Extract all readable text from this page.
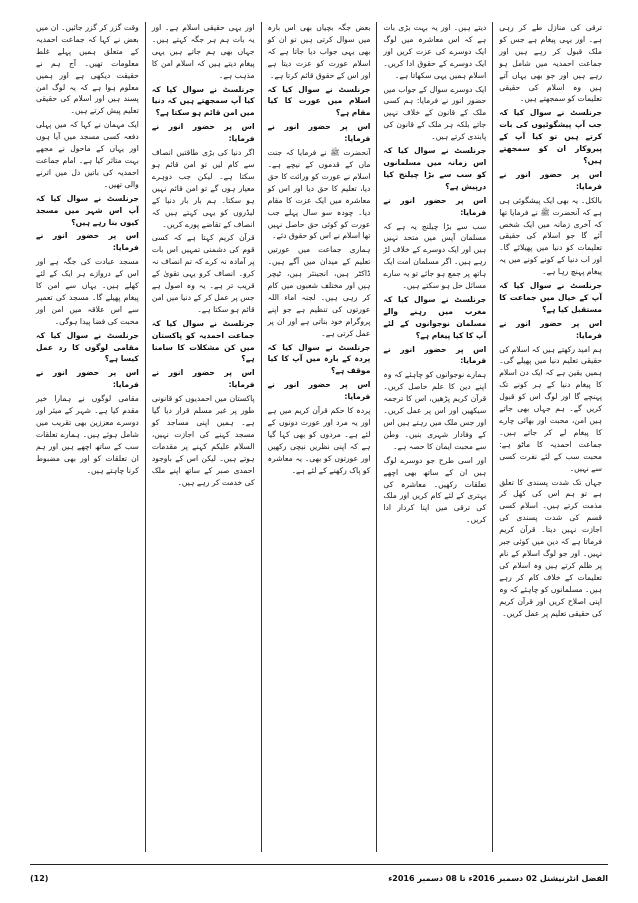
ترقی کی منازل طے کر رہی ہے۔ اور یہی پیغام ہے جس کو ملک قبول کر رہے ہیں اور جماعت احمدیہ میں شامل ہو رہے ہیں اور جو بھی یہاں آتے ہیں وہ اسلام کی حقیقی تعلیمات کو سمجھتے ہیں۔

جرنلسٹ نے سوال کیا کہ جب آپ پیشگوئیوں کی بات کرتے ہیں تو کیا آپ کے پیروکار ان کو سمجھتے ہیں؟

اس پر حضور انور نے فرمایا:

بالکل۔ یہ بھی ایک پیشگوئی ہی ہے کہ آنحضرت ﷺ نے فرمایا تھا کہ آخری زمانہ میں ایک شخص آئے گا جو اسلام کی حقیقی تعلیمات کو دنیا میں پھیلائے گا۔ اور اب دنیا کے کونے کونے میں یہ پیغام پہنچ رہا ہے۔

جرنلسٹ نے سوال کیا کہ آپ کے خیال میں جماعت کا مستقبل کیا ہے؟

اس پر حضور انور نے فرمایا:

ہم امید رکھتے ہیں کہ اسلام کی حقیقی تعلیم دنیا میں پھیلے گی۔ ہمیں یقین ہے کہ ایک دن اسلام کا پیغام دنیا کے ہر کونے تک پہنچے گا اور لوگ اس کو قبول کریں گے۔ ہم جہاں بھی جاتے ہیں امن، محبت اور بھائی چارے کا پیغام لے کر جاتے ہیں۔ جماعت احمدیہ کا ماٹو ہے: محبت سب کے لئے نفرت کسی سے نہیں۔

جہاں تک شدت پسندی کا تعلق ہے تو ہم اس کی کھل کر مذمت کرتے ہیں۔ اسلام کسی قسم کی شدت پسندی کی اجازت نہیں دیتا۔ قرآن کریم فرماتا ہے کہ دین میں کوئی جبر نہیں۔ اور جو لوگ اسلام کے نام پر ظلم کرتے ہیں وہ اسلام کی تعلیمات کے خلاف کام کر رہے ہیں۔ مسلمانوں کو چاہئے کہ وہ اپنی اصلاح کریں اور قرآن کریم کی حقیقی تعلیم پر عمل کریں۔

دیتے ہیں۔ اور یہ بہت بڑی بات ہے کہ اس معاشرہ میں لوگ ایک دوسرے کی عزت کریں اور ایک دوسرے کے حقوق ادا کریں۔ اسلام ہمیں یہی سکھاتا ہے۔

ایک دوسرے سوال کے جواب میں حضور انور نے فرمایا: ہم کسی ملک کے قانون کے خلاف نہیں جاتے بلکہ ہر ملک کے قانون کی پابندی کرتے ہیں۔

جرنلسٹ نے سوال کیا کہ اس زمانہ میں مسلمانوں کو سب سے بڑا چیلنج کیا درپیش ہے؟

اس پر حضور انور نے فرمایا:

سب سے بڑا چیلنج یہ ہے کہ مسلمان آپس میں متحد نہیں ہیں اور ایک دوسرے کے خلاف لڑ رہے ہیں۔ اگر مسلمان امت ایک ہاتھ پر جمع ہو جائے تو یہ سارے مسائل حل ہو سکتے ہیں۔

جرنلسٹ نے سوال کیا کہ مغرب میں رہنے والے مسلمان نوجوانوں کے لئے آپ کا کیا پیغام ہے؟

اس پر حضور انور نے فرمایا:

ہمارے نوجوانوں کو چاہئے کہ وہ اپنے دین کا علم حاصل کریں۔ قرآن کریم پڑھیں، اس کا ترجمہ سیکھیں اور اس پر عمل کریں۔ اور جس ملک میں رہتے ہیں اس کے وفادار شہری بنیں۔ وطن سے محبت ایمان کا حصہ ہے۔

اور اسی طرح جو دوسرے لوگ ہیں ان کے ساتھ بھی اچھے تعلقات رکھیں۔ معاشرہ کی بہتری کے لئے کام کریں اور ملک کی ترقی میں اپنا کردار ادا کریں۔

بعض جگہ بچیاں بھی اس بارہ میں سوال کرتی ہیں تو ان کو بھی یہی جواب دیا جاتا ہے کہ اسلام عورت کو عزت دیتا ہے اور اس کے حقوق قائم کرتا ہے۔

جرنلسٹ نے سوال کیا کہ اسلام میں عورت کا کیا مقام ہے؟

اس پر حضور انور نے فرمایا:

آنحضرت ﷺ نے فرمایا کہ جنت ماں کے قدموں کے نیچے ہے۔ اسلام نے عورت کو وراثت کا حق دیا، تعلیم کا حق دیا اور اس کو معاشرہ میں ایک عزت کا مقام دیا۔ چودہ سو سال پہلے جب عورت کو کوئی حق حاصل نہیں تھا اسلام نے اس کو حقوق دئے۔

ہماری جماعت میں عورتیں تعلیم کے میدان میں آگے ہیں۔ ڈاکٹر ہیں، انجینئر ہیں، ٹیچر ہیں اور مختلف شعبوں میں کام کر رہی ہیں۔ لجنہ اماء اللہ عورتوں کی تنظیم ہے جو اپنے پروگرام خود بناتی ہے اور ان پر عمل کرتی ہے۔

جرنلسٹ نے سوال کیا کہ پردہ کے بارہ میں آپ کا کیا موقف ہے؟

اس پر حضور انور نے فرمایا:

پردہ کا حکم قرآن کریم میں ہے اور یہ مرد اور عورت دونوں کے لئے ہے۔ مردوں کو بھی کہا گیا ہے کہ اپنی نظریں نیچی رکھیں اور عورتوں کو بھی۔ یہ معاشرہ کو پاک رکھنے کے لئے ہے۔

اور یہی حقیقی اسلام ہے۔ اور یہ بات ہم ہر جگہ کہتے ہیں۔ جہاں بھی ہم جاتے ہیں یہی پیغام دیتے ہیں کہ اسلام امن کا مذہب ہے۔

جرنلسٹ نے سوال کیا کہ کیا آپ سمجھتے ہیں کہ دنیا میں امن قائم ہو سکتا ہے؟

اس پر حضور انور نے فرمایا:

اگر دنیا کی بڑی طاقتیں انصاف سے کام لیں تو امن قائم ہو سکتا ہے۔ لیکن جب دوہرے معیار ہوں گے تو امن قائم نہیں ہو سکتا۔ ہم بار بار دنیا کے لیڈروں کو یہی کہتے ہیں کہ انصاف کے تقاضے پورے کریں۔

قرآن کریم کہتا ہے کہ کسی قوم کی دشمنی تمہیں اس بات پر آمادہ نہ کرے کہ تم انصاف نہ کرو۔ انصاف کرو یہی تقویٰ کے قریب تر ہے۔ یہ وہ اصول ہے جس پر عمل کر کے دنیا میں امن قائم ہو سکتا ہے۔

جرنلسٹ نے سوال کیا کہ جماعت احمدیہ کو پاکستان میں کن مشکلات کا سامنا ہے؟

اس پر حضور انور نے فرمایا:

پاکستان میں احمدیوں کو قانونی طور پر غیر مسلم قرار دیا گیا ہے۔ ہمیں اپنی مساجد کو مسجد کہنے کی اجازت نہیں، السلام علیکم کہنے پر مقدمات ہوتے ہیں۔ لیکن اس کے باوجود احمدی صبر کے ساتھ اپنے ملک کی خدمت کر رہے ہیں۔

وقت گزر کر گزر جائیں۔ ان میں بعض نے کہا کہ جماعت احمدیہ کے متعلق ہمیں پہلے غلط معلومات تھیں۔ آج ہم نے حقیقت دیکھی ہے اور ہمیں معلوم ہوا ہے کہ یہ لوگ امن پسند ہیں اور اسلام کی حقیقی تعلیم پیش کرتے ہیں۔

ایک مہمان نے کہا کہ میں پہلی دفعہ کسی مسجد میں آیا ہوں اور یہاں کے ماحول نے مجھے بہت متاثر کیا ہے۔ امام جماعت احمدیہ کی باتیں دل میں اترنے والی تھیں۔

جرنلسٹ نے سوال کیا کہ آپ اس شہر میں مسجد کیوں بنا رہے ہیں؟

اس پر حضور انور نے فرمایا:

مسجد عبادت کی جگہ ہے اور اس کے دروازے ہر ایک کے لئے کھلے ہیں۔ یہاں سے امن کا پیغام پھیلے گا۔ مسجد کی تعمیر سے اس علاقہ میں امن اور محبت کی فضا پیدا ہوگی۔

جرنلسٹ نے سوال کیا کہ مقامی لوگوں کا رد عمل کیسا ہے؟

اس پر حضور انور نے فرمایا:

مقامی لوگوں نے ہمارا خیر مقدم کیا ہے۔ شہر کے میئر اور دوسرے معززین بھی تقریب میں شامل ہوئے ہیں۔ ہمارے تعلقات سب کے ساتھ اچھے ہیں اور ہم ان تعلقات کو اور بھی مضبوط کرنا چاہتے ہیں۔

(12)	الفضل انٹرنیشنل 02 دسمبر 2016ء تا 08 دسمبر 2016ء
